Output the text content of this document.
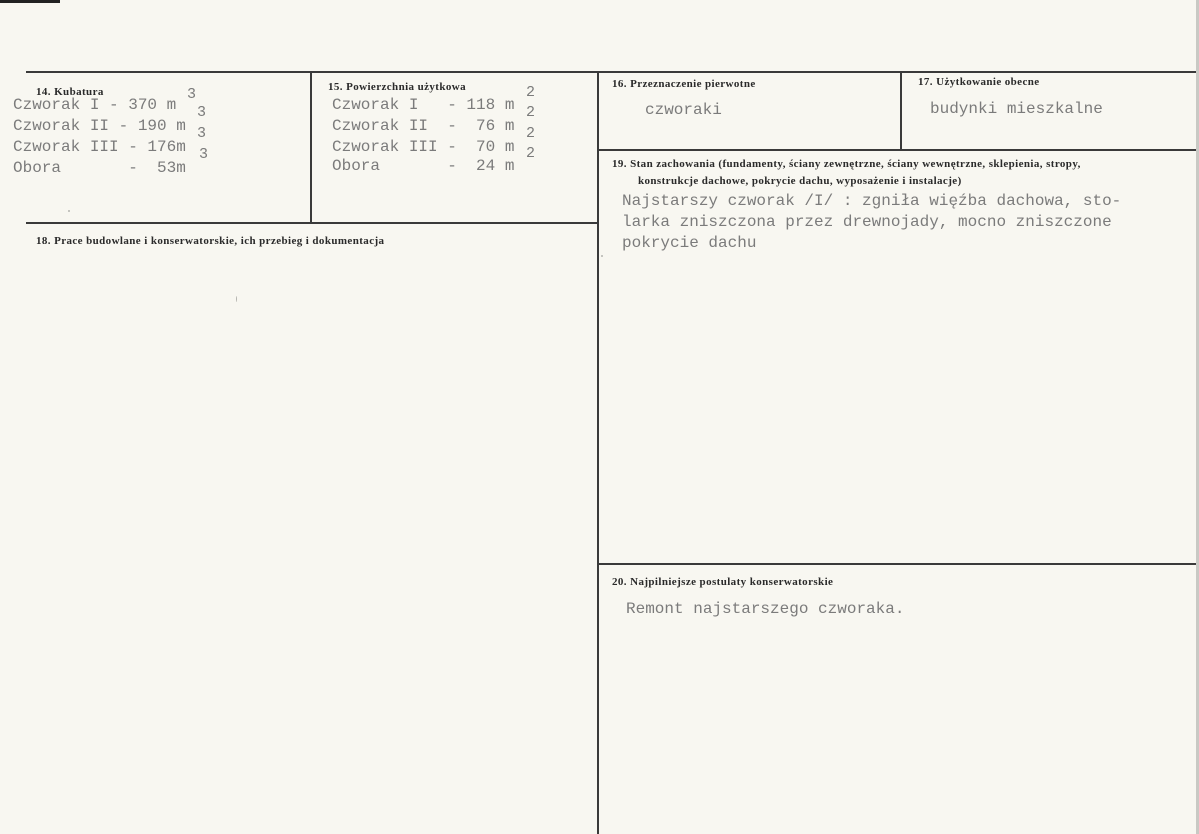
14. Kubatura
Czworak I - 370 m
Czworak II - 190 m
Czworak III - 176m
Obora       -  53m
3
3
3
3
15. Powierzchnia użytkowa
Czworak I   - 118 m
Czworak II  -  76 m
Czworak III -  70 m
Obora       -  24 m
2
2
2
2
16. Przeznaczenie pierwotne
czworaki
17. Użytkowanie obecne
budynki mieszkalne
18. Prace budowlane i konserwatorskie, ich przebieg i dokumentacja
19. Stan zachowania (fundamenty, ściany zewnętrzne, ściany wewnętrzne, sklepienia, stropy,
konstrukcje dachowe, pokrycie dachu, wyposażenie i instalacje)
Najstarszy czworak /I/ : zgniła więźba dachowa, sto-
larka zniszczona przez drewnojady, mocno zniszczone
pokrycie dachu
20. Najpilniejsze postulaty konserwatorskie
Remont najstarszego czworaka.
